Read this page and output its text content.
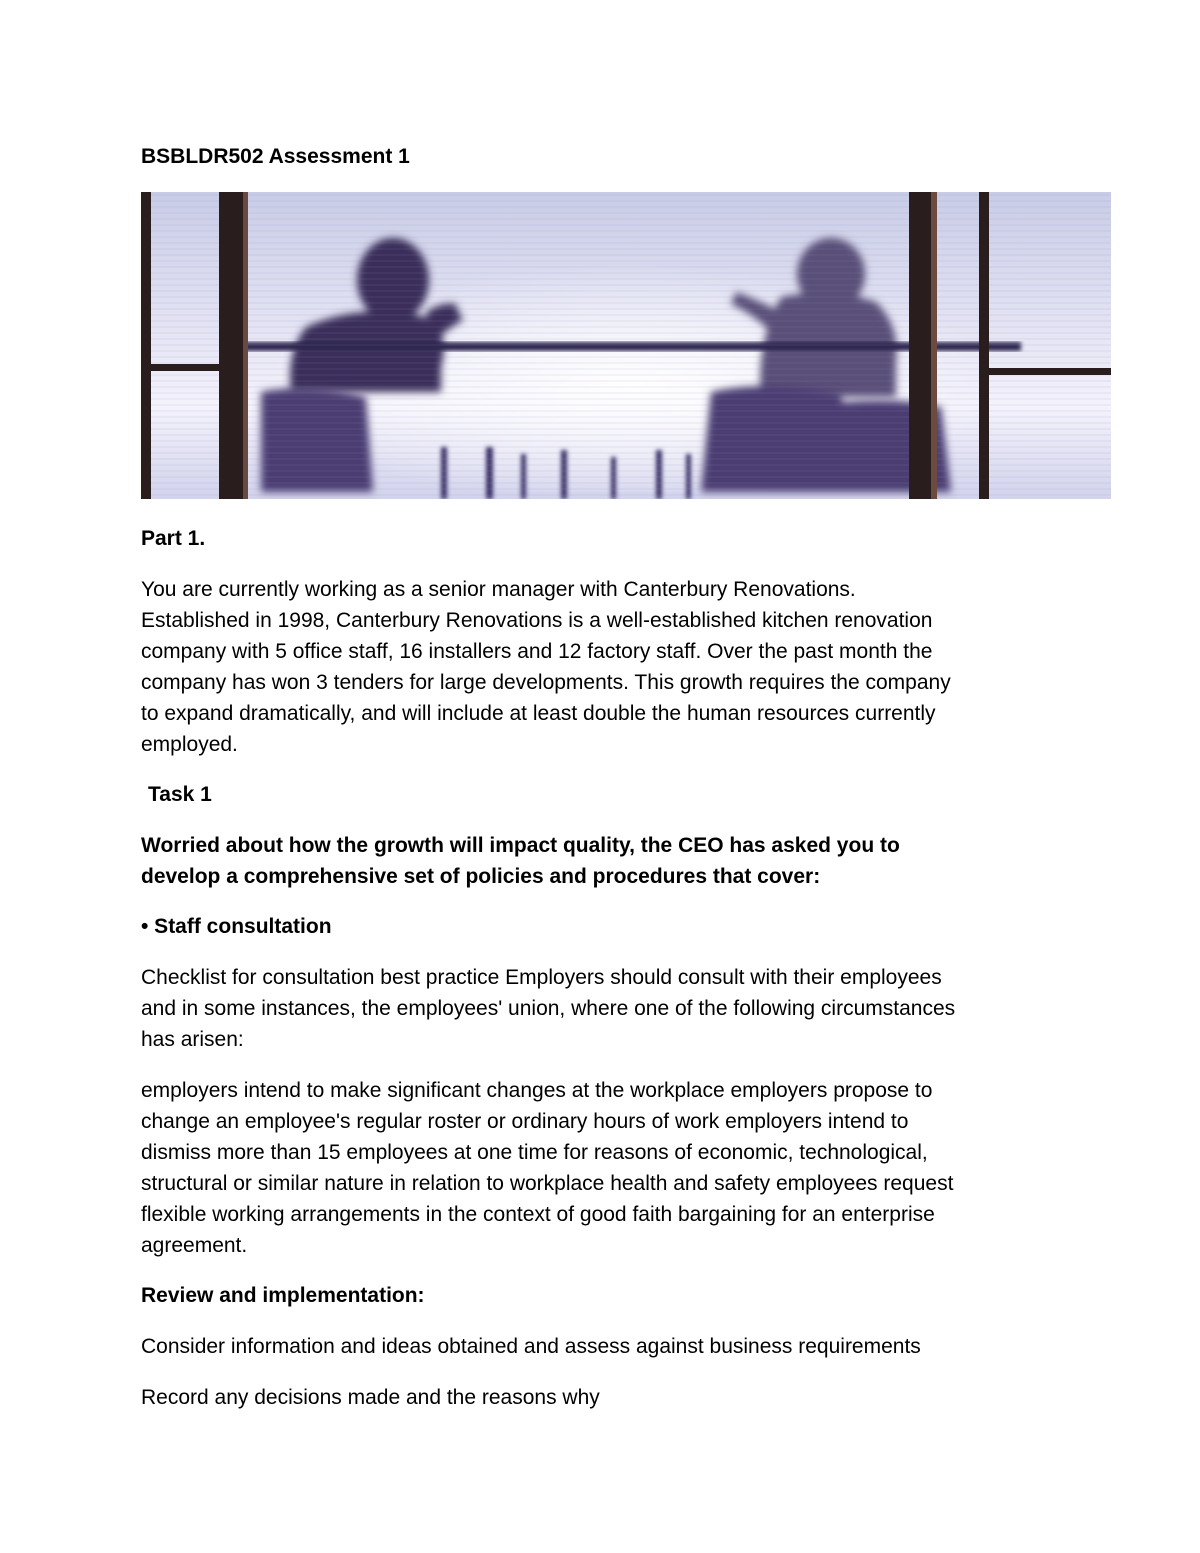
BSBLDR502 Assessment 1

Part 1.

You are currently working as a senior manager with Canterbury Renovations.

Established in 1998, Canterbury Renovations is a well-established kitchen renovation

company with 5 office staff, 16 installers and 12 factory staff. Over the past month the

company has won 3 tenders for large developments. This growth requires the company

to expand dramatically, and will include at least double the human resources currently

employed.

Task 1

Worried about how the growth will impact quality, the CEO has asked you to

develop a comprehensive set of policies and procedures that cover:

• Staff consultation

Checklist for consultation best practice Employers should consult with their employees

and in some instances, the employees' union, where one of the following circumstances

has arisen:

employers intend to make significant changes at the workplace employers propose to

change an employee's regular roster or ordinary hours of work employers intend to

dismiss more than 15 employees at one time for reasons of economic, technological,

structural or similar nature in relation to workplace health and safety employees request

flexible working arrangements in the context of good faith bargaining for an enterprise

agreement.

Review and implementation:

Consider information and ideas obtained and assess against business requirements

Record any decisions made and the reasons why
